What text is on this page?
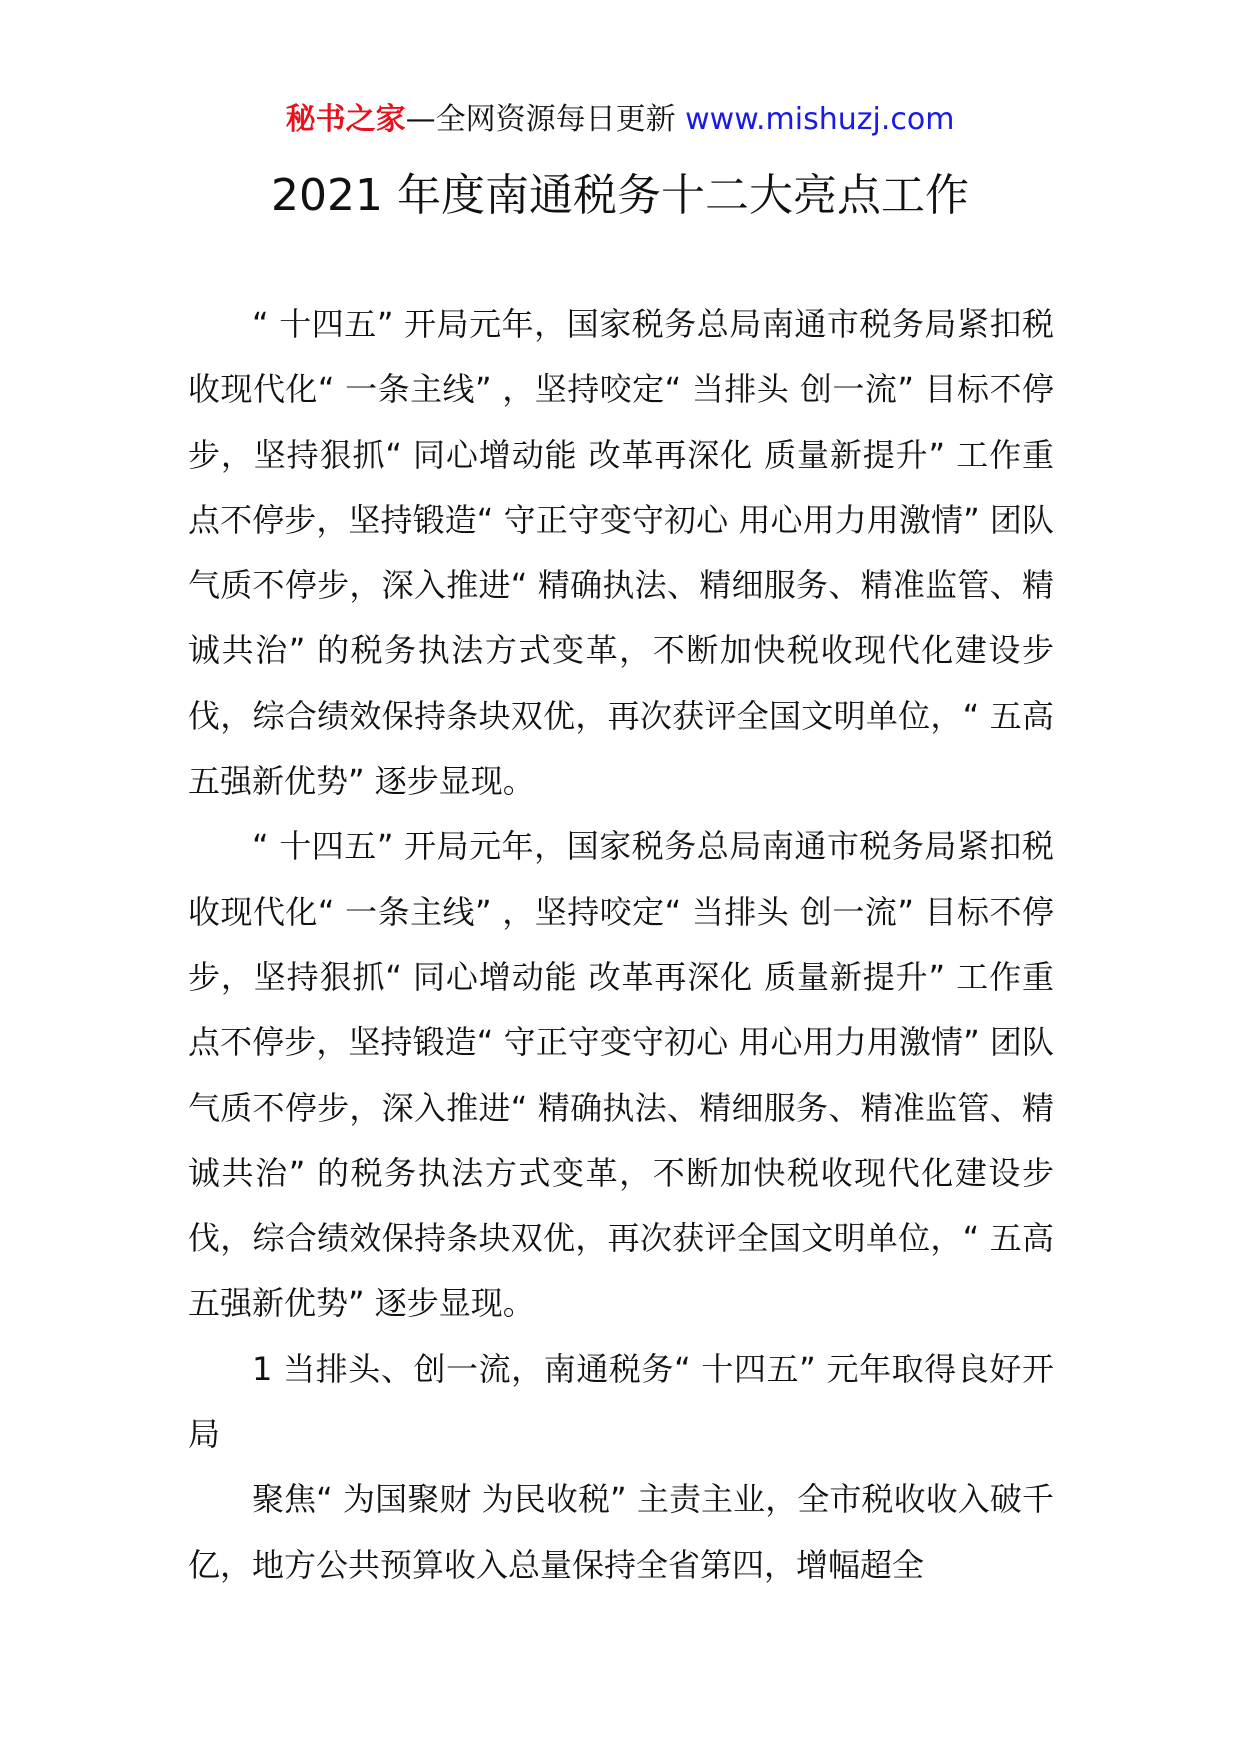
秘书之家—全网资源每日更新 www.mishuzj.com
2021 年度南通税务十二大亮点工作

“ 十四五” 开局元年，国家税务总局南通市税务局紧扣税收现代化“ 一条主线” ，坚持咬定“ 当排头 创一流” 目标不停步，坚持狠抓“ 同心增动能 改革再深化 质量新提升” 工作重点不停步，坚持锻造“ 守正守变守初心 用心用力用激情” 团队气质不停步，深入推进“ 精确执法、精细服务、精准监管、精诚共治” 的税务执法方式变革，不断加快税收现代化建设步伐，综合绩效保持条块双优，再次获评全国文明单位，“ 五高五强新优势” 逐步显现。

“ 十四五” 开局元年，国家税务总局南通市税务局紧扣税收现代化“ 一条主线” ，坚持咬定“ 当排头 创一流” 目标不停步，坚持狠抓“ 同心增动能 改革再深化 质量新提升” 工作重点不停步，坚持锻造“ 守正守变守初心 用心用力用激情” 团队气质不停步，深入推进“ 精确执法、精细服务、精准监管、精诚共治” 的税务执法方式变革，不断加快税收现代化建设步伐，综合绩效保持条块双优，再次获评全国文明单位，“ 五高五强新优势” 逐步显现。

1 当排头、创一流，南通税务“ 十四五” 元年取得良好开局

聚焦“ 为国聚财 为民收税” 主责主业，全市税收收入破千亿，地方公共预算收入总量保持全省第四，增幅超全
